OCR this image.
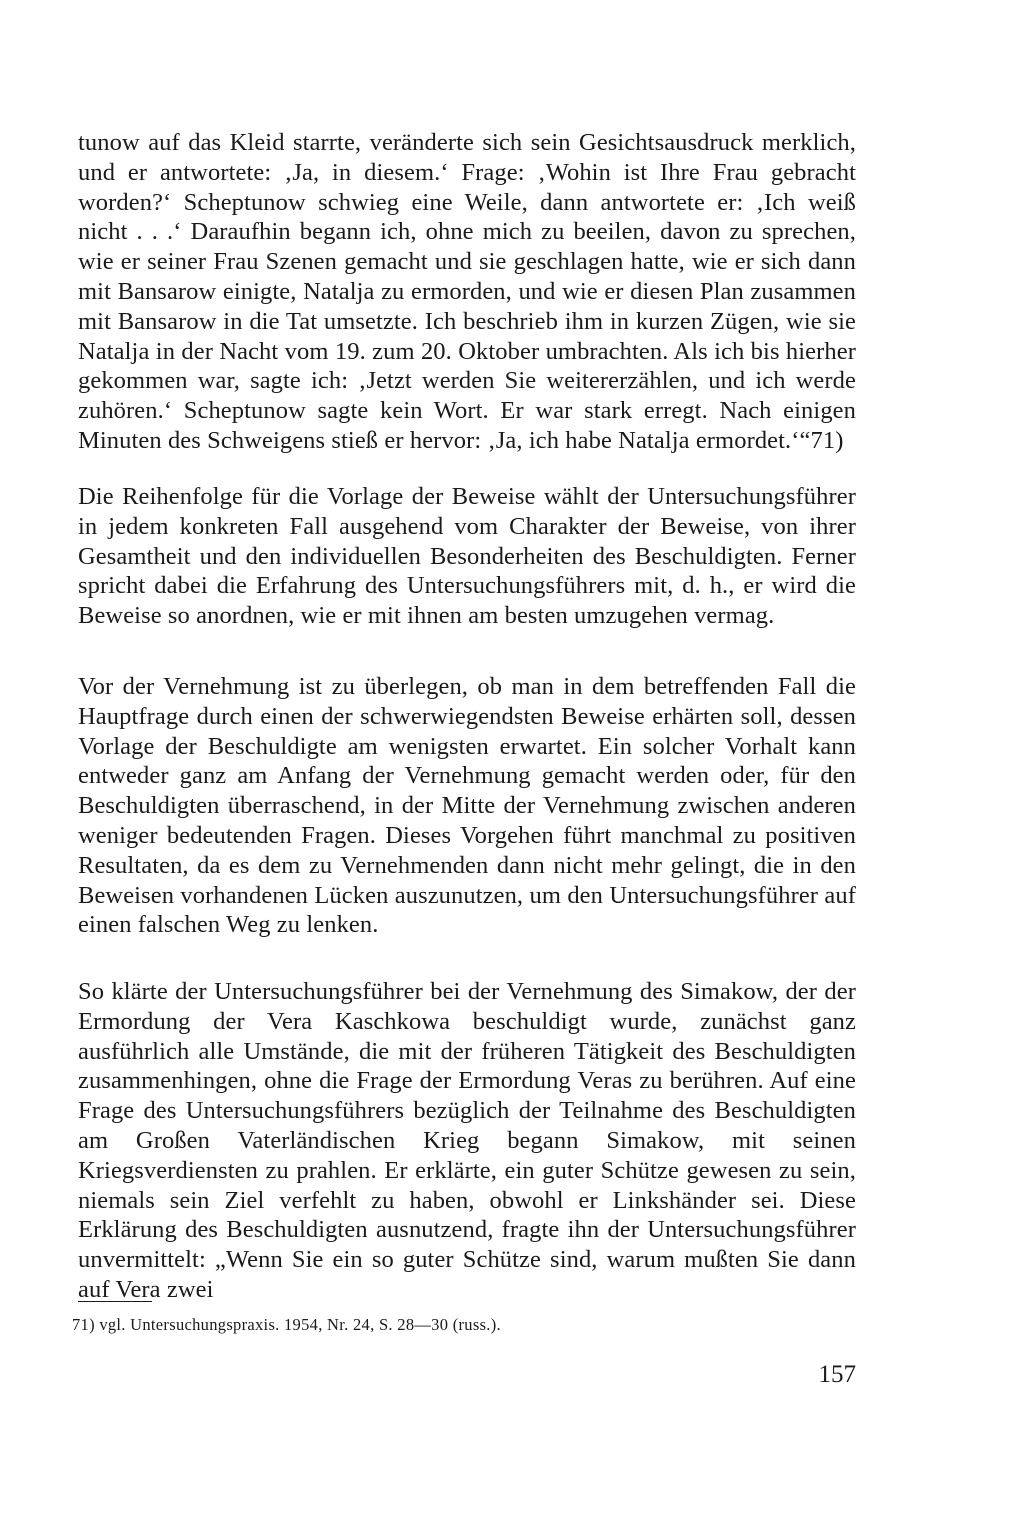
tunow auf das Kleid starrte, veränderte sich sein Gesichtsausdruck merklich, und er antwortete: ‚Ja, in diesem.‘ Frage: ‚Wohin ist Ihre Frau gebracht worden?‘ Scheptunow schwieg eine Weile, dann antwortete er: ‚Ich weiß nicht . . .‘ Daraufhin begann ich, ohne mich zu beeilen, davon zu sprechen, wie er seiner Frau Szenen gemacht und sie geschlagen hatte, wie er sich dann mit Bansarow einigte, Natalja zu ermorden, und wie er diesen Plan zusammen mit Bansarow in die Tat umsetzte. Ich beschrieb ihm in kurzen Zügen, wie sie Natalja in der Nacht vom 19. zum 20. Oktober umbrachten. Als ich bis hierher gekommen war, sagte ich: ‚Jetzt werden Sie weitererzählen, und ich werde zuhören.‘ Scheptunow sagte kein Wort. Er war stark erregt. Nach einigen Minuten des Schweigens stieß er hervor: ‚Ja, ich habe Natalja ermordet.‘“71)

Die Reihenfolge für die Vorlage der Beweise wählt der Untersuchungsführer in jedem konkreten Fall ausgehend vom Charakter der Beweise, von ihrer Gesamtheit und den individuellen Besonderheiten des Beschuldigten. Ferner spricht dabei die Erfahrung des Untersuchungsführers mit, d. h., er wird die Beweise so anordnen, wie er mit ihnen am besten umzugehen vermag.

Vor der Vernehmung ist zu überlegen, ob man in dem betreffenden Fall die Hauptfrage durch einen der schwerwiegendsten Beweise erhärten soll, dessen Vorlage der Beschuldigte am wenigsten erwartet. Ein solcher Vorhalt kann entweder ganz am Anfang der Vernehmung gemacht werden oder, für den Beschuldigten überraschend, in der Mitte der Vernehmung zwischen anderen weniger bedeutenden Fragen. Dieses Vorgehen führt manchmal zu positiven Resultaten, da es dem zu Vernehmenden dann nicht mehr gelingt, die in den Beweisen vorhandenen Lücken auszunutzen, um den Untersuchungsführer auf einen falschen Weg zu lenken.

So klärte der Untersuchungsführer bei der Vernehmung des Simakow, der der Ermordung der Vera Kaschkowa beschuldigt wurde, zunächst ganz ausführlich alle Umstände, die mit der früheren Tätigkeit des Beschuldigten zusammenhingen, ohne die Frage der Ermordung Veras zu berühren. Auf eine Frage des Untersuchungsführers bezüglich der Teilnahme des Beschuldigten am Großen Vaterländischen Krieg begann Simakow, mit seinen Kriegsverdiensten zu prahlen. Er erklärte, ein guter Schütze gewesen zu sein, niemals sein Ziel verfehlt zu haben, obwohl er Linkshänder sei. Diese Erklärung des Beschuldigten ausnutzend, fragte ihn der Untersuchungsführer unvermittelt: „Wenn Sie ein so guter Schütze sind, warum mußten Sie dann auf Vera zwei

71) vgl. Untersuchungspraxis. 1954, Nr. 24, S. 28—30 (russ.).
157
